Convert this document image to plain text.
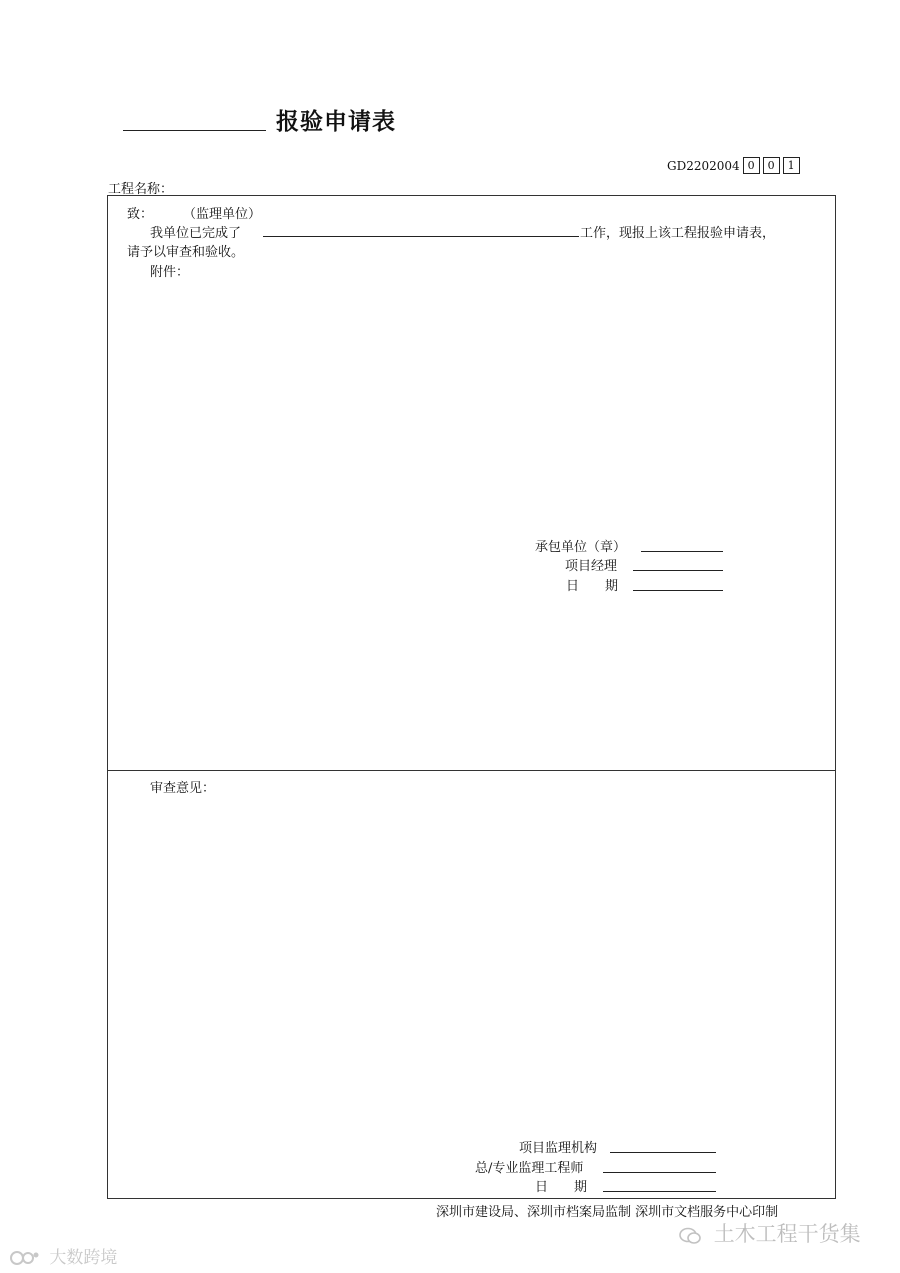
报验申请表
GD2202004 0	0	1
工程名称：
致： （监理单位）
我单位已完成了	工作，现报上该工程报验申请表，
请予以审查和验收。
附件：
承包单位（章）
项目经理
日　　期
审查意见：
项目监理机构
总/专业监理工程师
日　　期
深圳市建设局、深圳市档案局监制 深圳市文档服务中心印制
土木工程干货集
大数跨境
